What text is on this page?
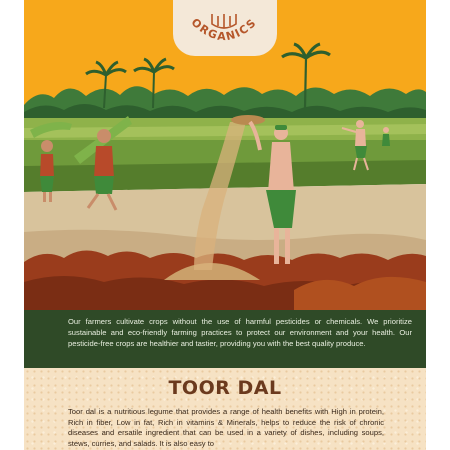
ORGANICS

Our farmers cultivate crops without the use of harmful pesticides or chemicals. We prioritize sustainable and eco-friendly farming practices to protect our environment and your health. Our pesticide-free crops are healthier and tastier, providing you with the best quality produce.

TOOR DAL

Toor dal is a nutritious legume that provides a range of health benefits with High in protein, Rich in fiber, Low in fat, Rich in vitamins & Minerals, helps to reduce the risk of chronic diseases and ersatile ingredient that can be used in a variety of dishes, including soups, stews, curries, and salads. It is also easy to
